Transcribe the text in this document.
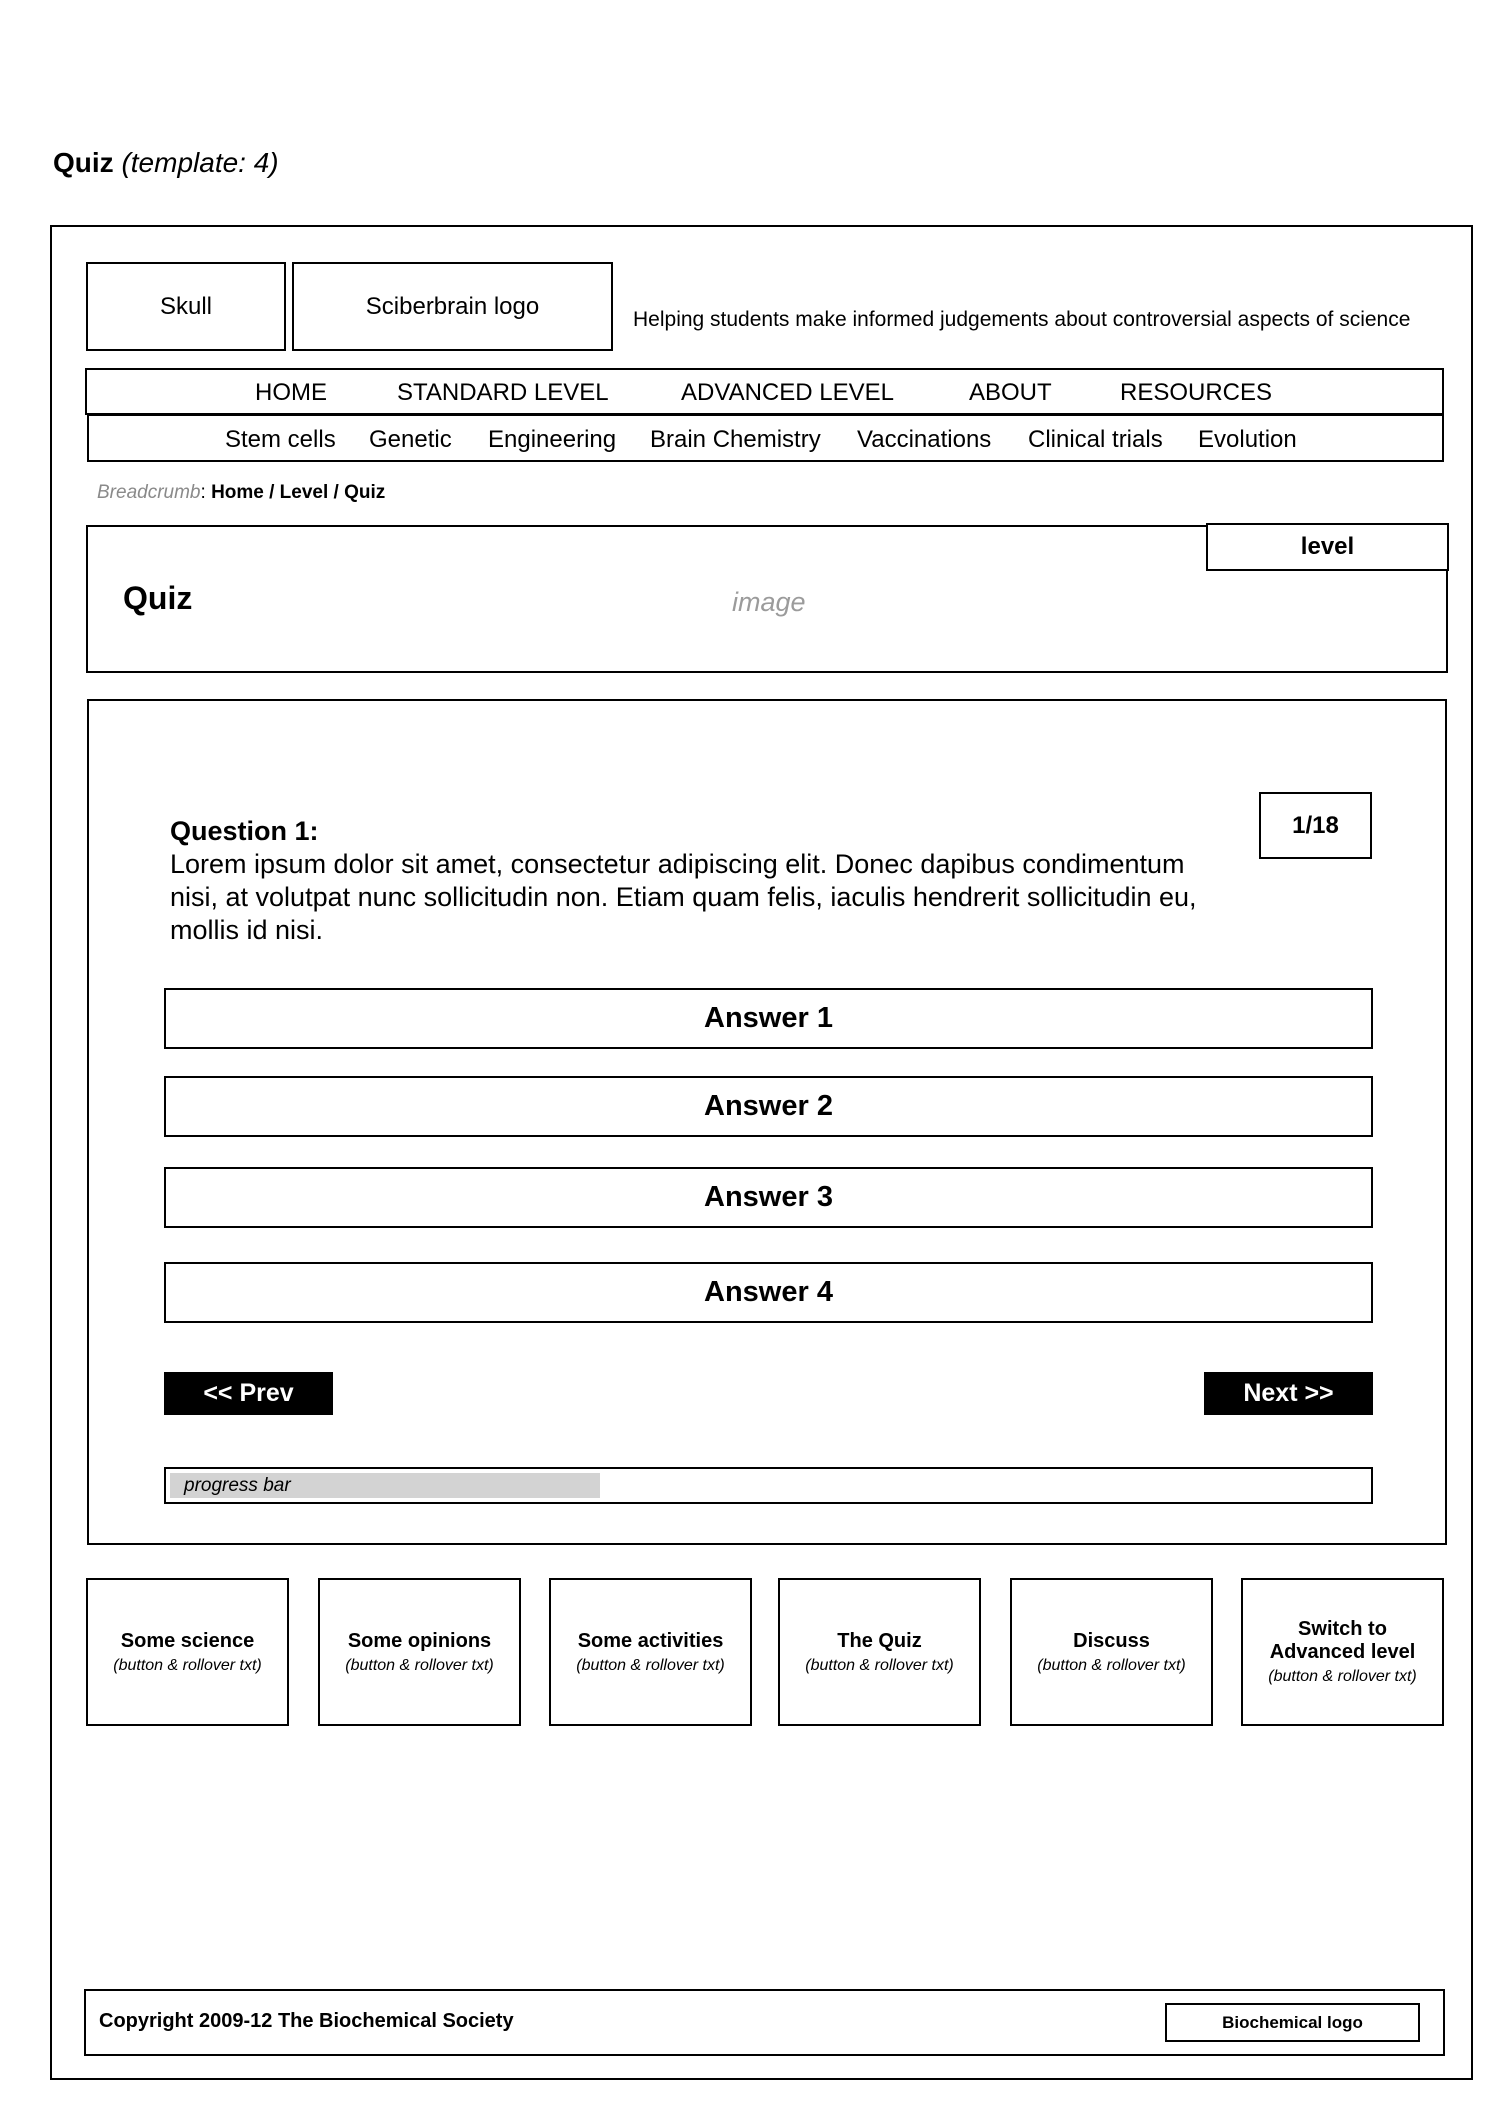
Quiz (template: 4)
Skull	Sciberbrain logo	Helping students make informed judgements about controversial aspects of science
HOME	STANDARD LEVEL	ADVANCED LEVEL	ABOUT	RESOURCES
Stem cells Genetic Engineering Brain Chemistry Vaccinations Clinical trials Evolution
Breadcrumb: Home / Level / Quiz
Quiz	image
level
1/18
Question 1:
Lorem ipsum dolor sit amet, consectetur adipiscing elit. Donec dapibus condimentum nisi, at volutpat nunc sollicitudin non. Etiam quam felis, iaculis hendrerit sollicitudin eu, mollis id nisi.
Answer 1
Answer 2
Answer 3
Answer 4
<< Prev	Next >>
progress bar
Some science
(button & rollover txt)
Some opinions
(button & rollover txt)
Some activities
(button & rollover txt)
The Quiz
(button & rollover txt)
Discuss
(button & rollover txt)
Switch to
Advanced level
(button & rollover txt)
Copyright 2009-12 The Biochemical Society	Biochemical logo
